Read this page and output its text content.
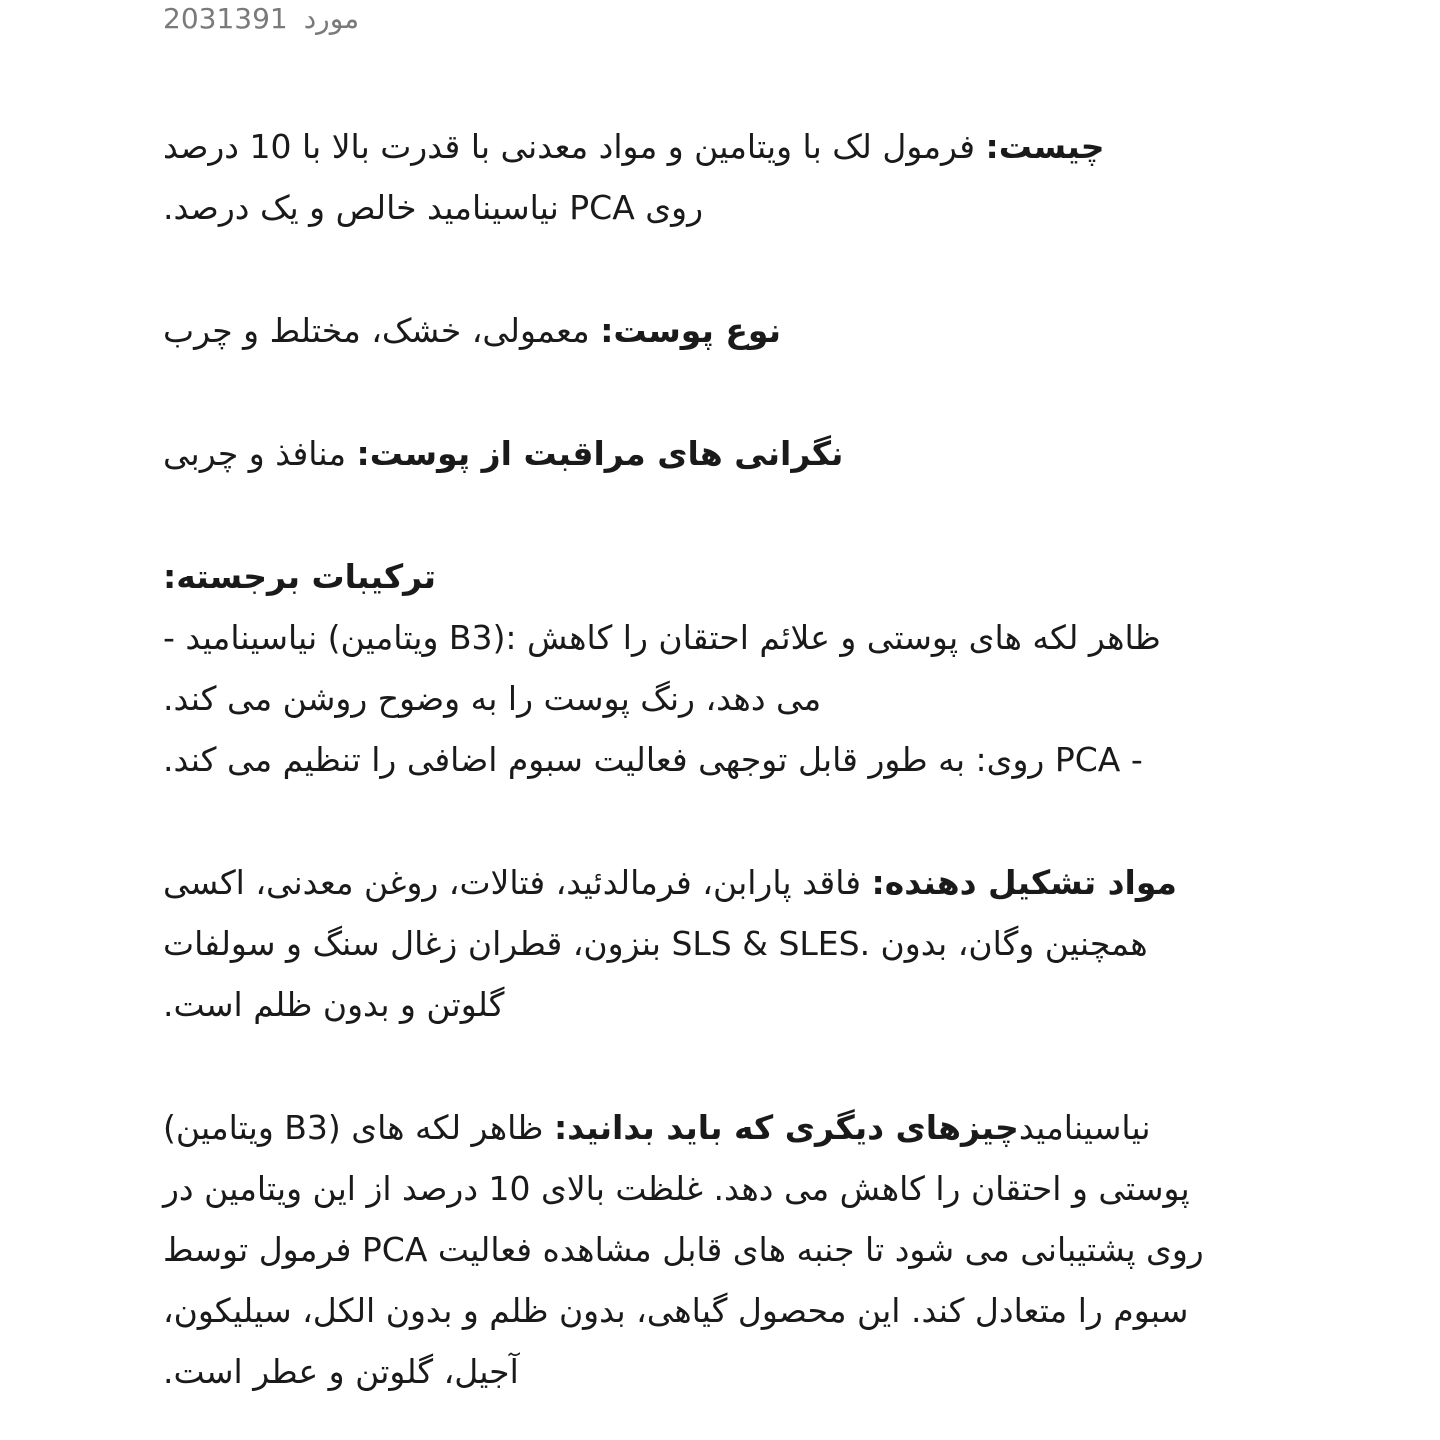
2031391 مورد
چیست: فرمول لک با ویتامین و مواد معدنی با قدرت بالا با 10 درصد
روی PCA نیاسینامید خالص و یک درصد.
نوع پوست: معمولی، خشک، مختلط و چرب
نگرانی های مراقبت از پوست: منافذ و چربی
ترکیبات برجسته:
ظاهر لکه های پوستی و علائم احتقان را کاهش :(B3 ویتامین) نیاسینامید -
می دهد، رنگ پوست را به وضوح روشن می کند.
- PCA روی: به طور قابل توجهی فعالیت سبوم اضافی را تنظیم می کند.
مواد تشکیل دهنده: فاقد پارابن، فرمالدئید، فتالات، روغن معدنی، اکسی
همچنین وگان، بدون .SLS & SLES بنزون، قطران زغال سنگ و سولفات
گلوتن و بدون ظلم است.
نیاسینامیدچیزهای دیگری که باید بدانید: ظاهر لکه های (B3 ویتامین)
پوستی و احتقان را کاهش می دهد. غلظت بالای 10 درصد از این ویتامین در
روی پشتیبانی می شود تا جنبه های قابل مشاهده فعالیت PCA فرمول توسط
سبوم را متعادل کند. این محصول گیاهی، بدون ظلم و بدون الکل، سیلیکون،
آجیل، گلوتن و عطر است.
